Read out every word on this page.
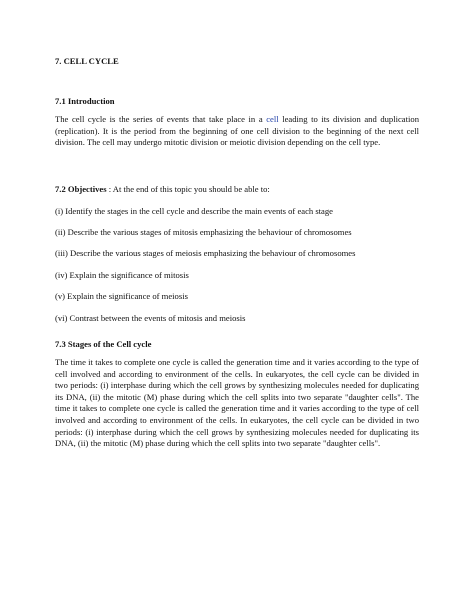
7. CELL CYCLE

7.1 Introduction

The cell cycle is the series of events that take place in a cell leading to its division and duplication (replication). It is the period from the beginning of one cell division to the beginning of the next cell division. The cell may undergo mitotic division or meiotic division depending on the cell type.

7.2 Objectives : At the end of this topic you should be able to:

(i) Identify the stages in the cell cycle and describe the main events of each stage

(ii) Describe the various stages of mitosis emphasizing the behaviour of chromosomes

(iii) Describe the various stages of meiosis emphasizing the behaviour of chromosomes

(iv) Explain the significance of mitosis

(v) Explain the significance of meiosis

(vi) Contrast between the events of mitosis and meiosis

7.3 Stages of the Cell cycle

The time it takes to complete one cycle is called the generation time and it varies according to the type of cell involved and according to environment of the cells. In eukaryotes, the cell cycle can be divided in two periods: (i) interphase during which the cell grows by synthesizing molecules needed for duplicating its DNA, (ii) the mitotic (M) phase during which the cell splits into two separate "daughter cells". The time it takes to complete one cycle is called the generation time and it varies according to the type of cell involved and according to environment of the cells. In eukaryotes, the cell cycle can be divided in two periods: (i) interphase during which the cell grows by synthesizing molecules needed for duplicating its DNA, (ii) the mitotic (M) phase during which the cell splits into two separate "daughter cells".
